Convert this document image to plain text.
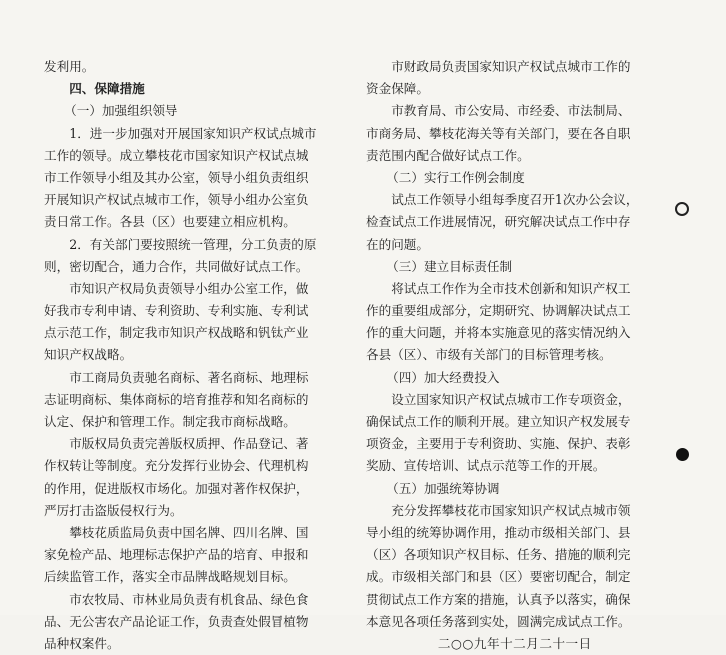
发利用。
四、保障措施
（一）加强组织领导
1．进一步加强对开展国家知识产权试点城市
工作的领导。成立攀枝花市国家知识产权试点城
市工作领导小组及其办公室，领导小组负责组织
开展知识产权试点城市工作，领导小组办公室负
责日常工作。各县（区）也要建立相应机构。
2．有关部门要按照统一管理，分工负责的原
则，密切配合，通力合作，共同做好试点工作。
市知识产权局负责领导小组办公室工作，做
好我市专利申请、专利资助、专利实施、专利试
点示范工作，制定我市知识产权战略和钒钛产业
知识产权战略。
市工商局负责驰名商标、著名商标、地理标
志证明商标、集体商标的培育推荐和知名商标的
认定、保护和管理工作。制定我市商标战略。
市版权局负责完善版权质押、作品登记、著
作权转让等制度。充分发挥行业协会、代理机构
的作用，促进版权市场化。加强对著作权保护，
严厉打击盗版侵权行为。
攀枝花质监局负责中国名牌、四川名牌、国
家免检产品、地理标志保护产品的培育、申报和
后续监管工作，落实全市品牌战略规划目标。
市农牧局、市林业局负责有机食品、绿色食
品、无公害农产品论证工作，负责查处假冒植物
品种权案件。
市财政局负责国家知识产权试点城市工作的
资金保障。
市教育局、市公安局、市经委、市法制局、
市商务局、攀枝花海关等有关部门，要在各自职
责范围内配合做好试点工作。
（二）实行工作例会制度
试点工作领导小组每季度召开1次办公会议，
检查试点工作进展情况，研究解决试点工作中存
在的问题。
（三）建立目标责任制
将试点工作作为全市技术创新和知识产权工
作的重要组成部分，定期研究、协调解决试点工
作的重大问题，并将本实施意见的落实情况纳入
各县（区）、市级有关部门的目标管理考核。
（四）加大经费投入
设立国家知识产权试点城市工作专项资金，
确保试点工作的顺利开展。建立知识产权发展专
项资金，主要用于专利资助、实施、保护、表彰
奖励、宣传培训、试点示范等工作的开展。
（五）加强统筹协调
充分发挥攀枝花市国家知识产权试点城市领
导小组的统筹协调作用，推动市级相关部门、县
（区）各项知识产权目标、任务、措施的顺利完
成。市级相关部门和县（区）要密切配合，制定
贯彻试点工作方案的措施，认真予以落实，确保
本意见各项任务落到实处，圆满完成试点工作。
二○○九年十二月二十一日
